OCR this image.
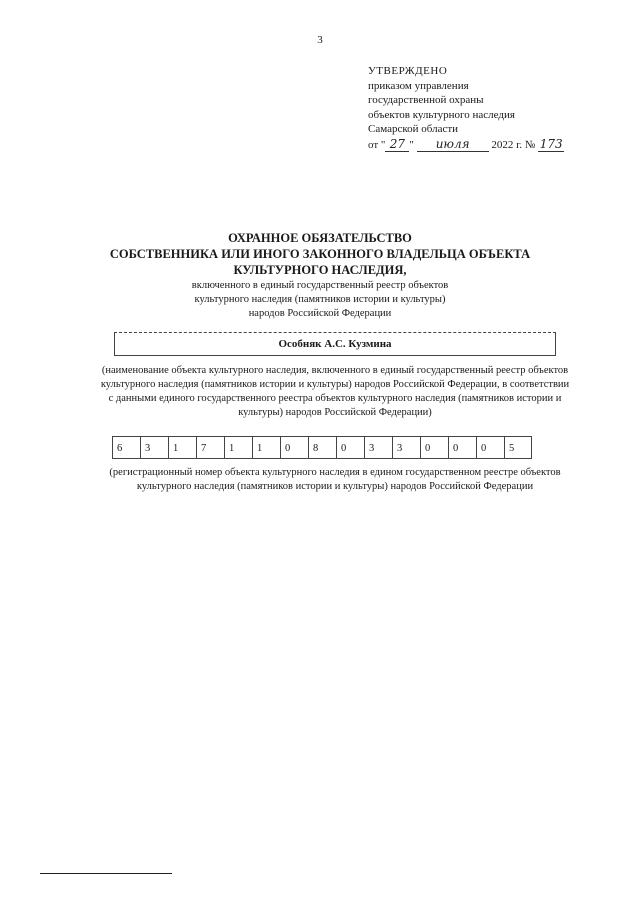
3
УТВЕРЖДЕНО
приказом управления
государственной охраны
объектов культурного наследия
Самарской области
от " 27 " июля 2022 г. № 173
ОХРАННОЕ ОБЯЗАТЕЛЬСТВО
СОБСТВЕННИКА ИЛИ ИНОГО ЗАКОННОГО ВЛАДЕЛЬЦА ОБЪЕКТА
КУЛЬТУРНОГО НАСЛЕДИЯ,
включенного в единый государственный реестр объектов
культурного наследия (памятников истории и культуры)
народов Российской Федерации
Особняк А.С. Кузмина
(наименование объекта культурного наследия, включенного в единый государственный реестр объектов культурного наследия (памятников истории и культуры) народов Российской Федерации, в соответствии с данными единого государственного реестра объектов культурного наследия (памятников истории и культуры) народов Российской Федерации)
6	3	1	7	1	1	0	8	0	3	3	0	0	0	5
(регистрационный номер объекта культурного наследия в едином государственном реестре объектов культурного наследия (памятников истории и культуры) народов Российской Федерации
